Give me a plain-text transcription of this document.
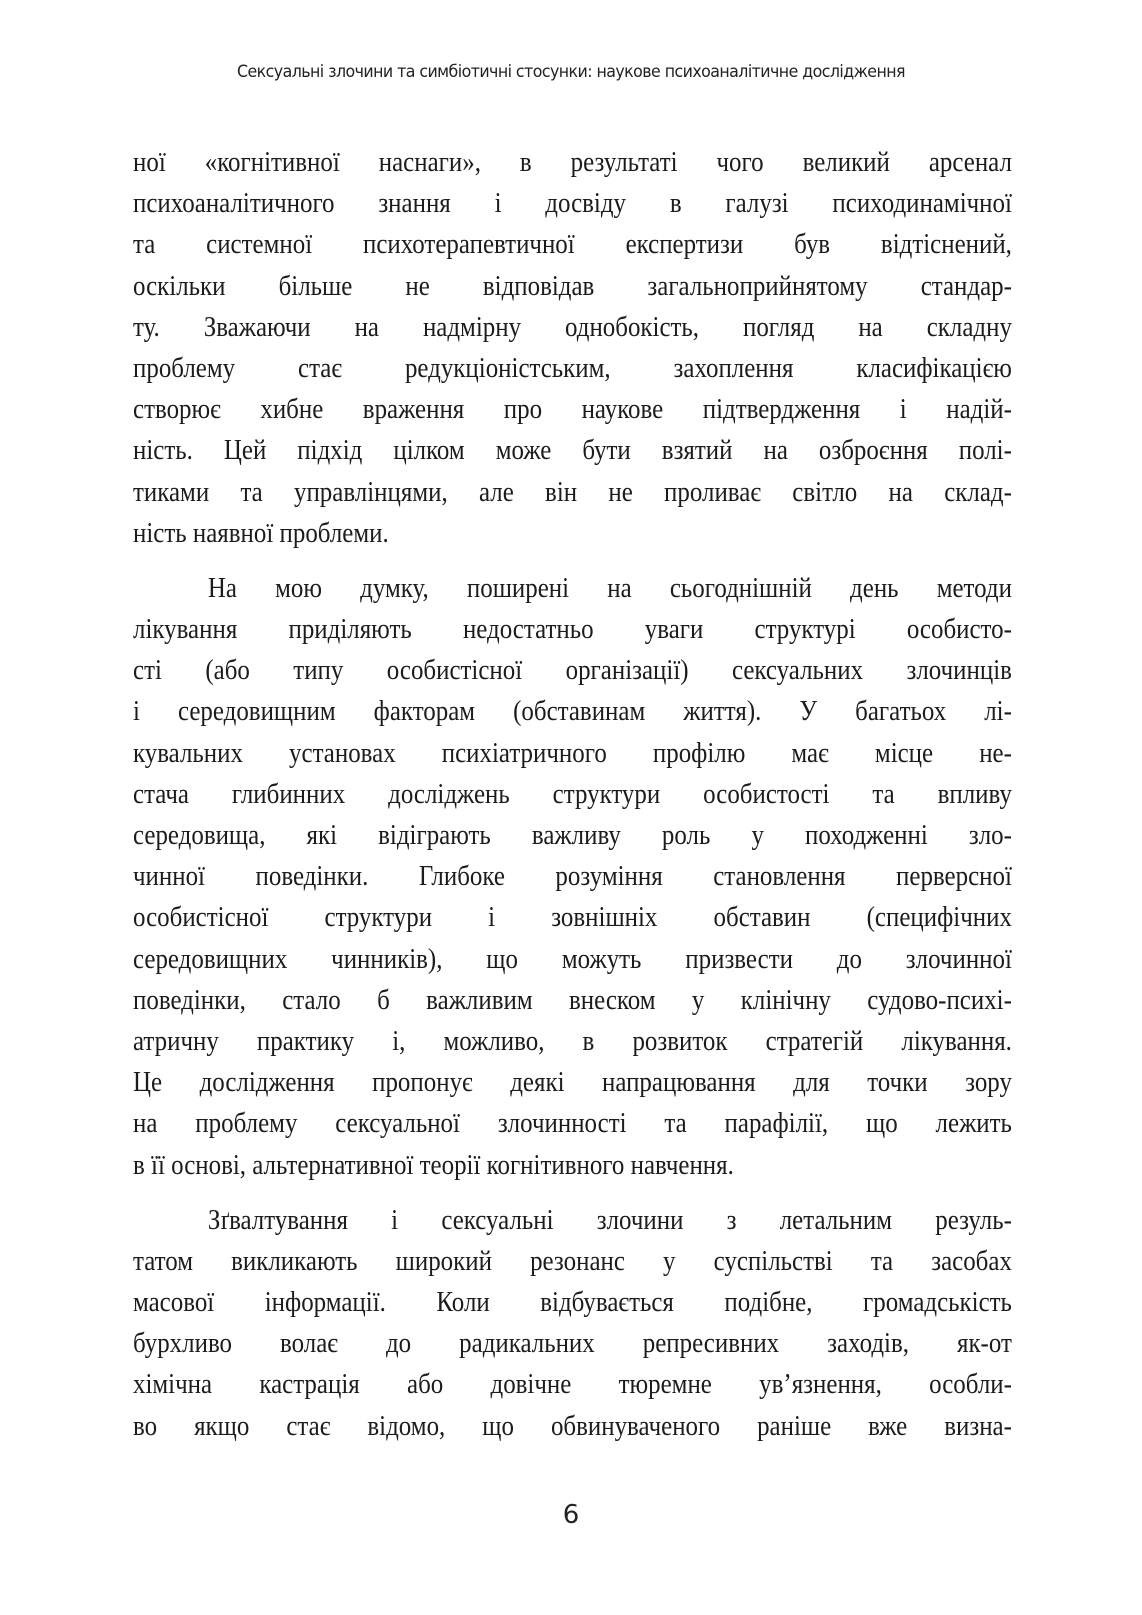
Сексуальні злочини та симбіотичні стосунки: наукове психоаналітичне дослідження
ної «когнітивної наснаги», в результаті чого великий арсенал
психоаналітичного знання і досвіду в галузі психодинамічної
та системної психотерапевтичної експертизи був відтіснений,
оскільки більше не відповідав загальноприйнятому стандар-
ту. Зважаючи на надмірну однобокість, погляд на складну
проблему стає редукціоністським, захоплення класифікацією
створює хибне враження про наукове підтвердження і надій-
ність. Цей підхід цілком може бути взятий на озброєння полі-
тиками та управлінцями, але він не проливає світло на склад-
ність наявної проблеми.
На мою думку, поширені на сьогоднішній день методи
лікування приділяють недостатньо уваги структурі особисто-
сті (або типу особистісної організації) сексуальних злочинців
і середовищним факторам (обставинам життя). У багатьох лі-
кувальних установах психіатричного профілю має місце не-
стача глибинних досліджень структури особистості та впливу
середовища, які відіграють важливу роль у походженні зло-
чинної поведінки. Глибоке розуміння становлення перверсної
особистісної структури і зовнішніх обставин (специфічних
середовищних чинників), що можуть призвести до злочинної
поведінки, стало б важливим внеском у клінічну судово-психі-
атричну практику і, можливо, в розвиток стратегій лікування.
Це дослідження пропонує деякі напрацювання для точки зору
на проблему сексуальної злочинності та парафілії, що лежить
в її основі, альтернативної теорії когнітивного навчення.
Зґвалтування і сексуальні злочини з летальним резуль-
татом викликають широкий резонанс у суспільстві та засобах
масової інформації. Коли відбувається подібне, громадськість
бурхливо волає до радикальних репресивних заходів, як-от
хімічна кастрація або довічне тюремне ув’язнення, особли-
во якщо стає відомо, що обвинуваченого раніше вже визна-
6
